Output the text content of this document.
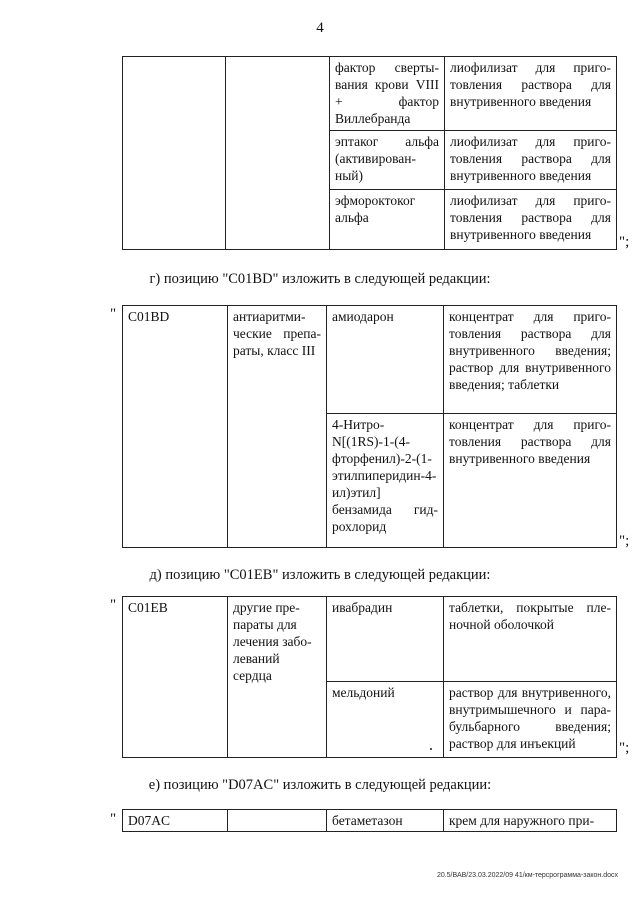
4
		фактор свертывания крови VIII + фактор Виллебранда	лиофилизат для приготовления раствора для внутривенного введения
		эптаког альфа (активированный)	лиофилизат для приготовления раствора для внутривенного введения
		эфмороктоког альфа	лиофилизат для приготовления раствора для внутривенного введения ";
г) позицию "C01BD" изложить в следующей редакции:
" C01BD	антиаритмические препараты, класс III	амиодарон	концентрат для приготовления раствора для внутривенного введения; раствор для внутривенного введения; таблетки
		4-Нитро-N[(1RS)-1-(4-фторфенил)-2-(1-этилпиперидин-4-ил)этил] бензамида гидрохлорид	концентрат для приготовления раствора для внутривенного введения
";
д) позицию "C01EB" изложить в следующей редакции:
" C01EB	другие препараты для лечения заболеваний сердца	ивабрадин	таблетки, покрытые пленочной оболочкой
		мельдоний	раствор для внутривенного, внутримышечного и парабульбарного введения; раствор для инъекций	";
е) позицию "D07AC" изложить в следующей редакции:
" D07AC		бетаметазон	крем для наружного при-
20.5/ВАВ/23.03.2022/09 41/км-терсрограмма-закон.docx
